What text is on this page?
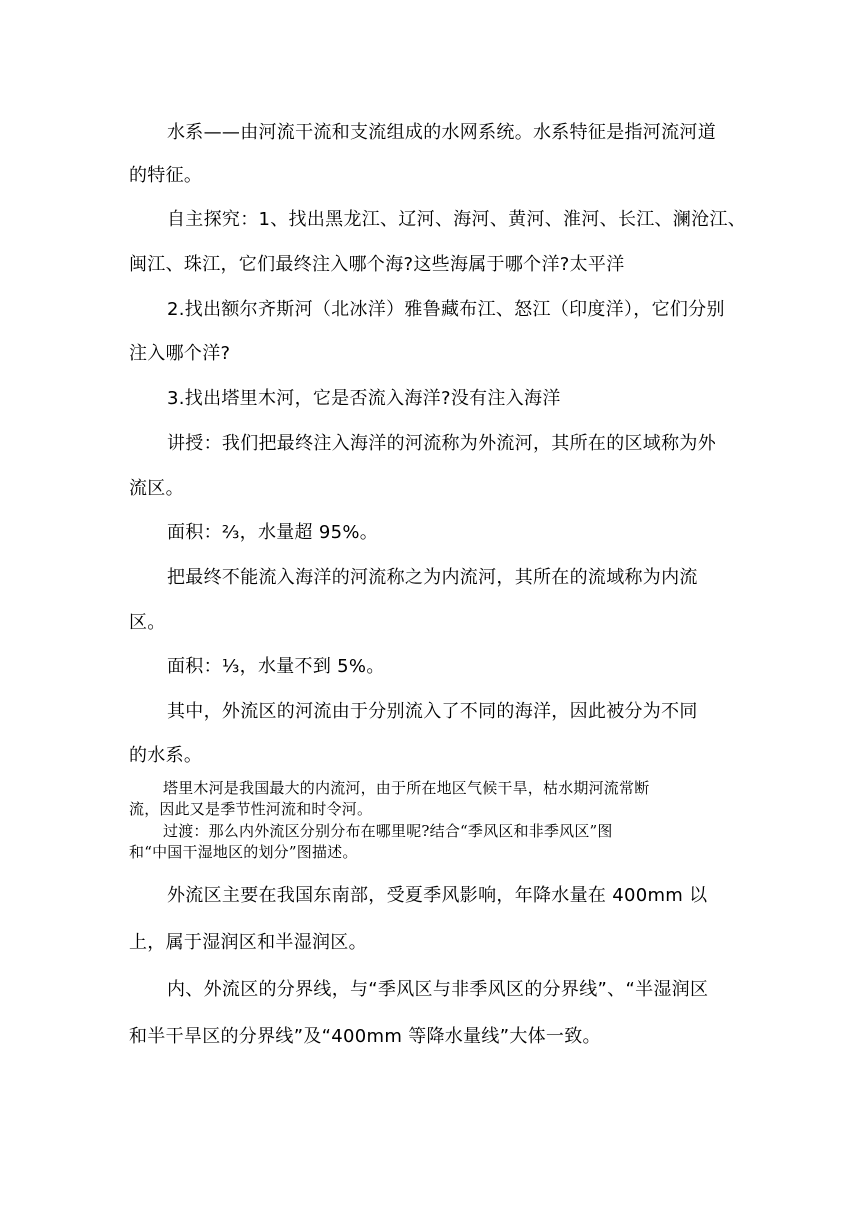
水系——由河流干流和支流组成的水网系统。水系特征是指河流河道
的特征。
自主探究：1、找出黑龙江、辽河、海河、黄河、淮河、长江、澜沧江、
闽江、珠江，它们最终注入哪个海?这些海属于哪个洋?太平洋
2.找出额尔齐斯河（北冰洋）雅鲁藏布江、怒江（印度洋），它们分别
注入哪个洋?
3.找出塔里木河，它是否流入海洋?没有注入海洋
讲授：我们把最终注入海洋的河流称为外流河，其所在的区域称为外
流区。
面积：⅔，水量超 95%。
把最终不能流入海洋的河流称之为内流河，其所在的流域称为内流
区。
面积：⅓，水量不到 5%。
其中，外流区的河流由于分别流入了不同的海洋，因此被分为不同
的水系。
塔里木河是我国最大的内流河，由于所在地区气候干旱，枯水期河流常断
流，因此又是季节性河流和时令河。
过渡：那么内外流区分别分布在哪里呢?结合“季风区和非季风区”图
和“中国干湿地区的划分”图描述。
外流区主要在我国东南部，受夏季风影响，年降水量在 400mm 以
上，属于湿润区和半湿润区。
内、外流区的分界线，与“季风区与非季风区的分界线”、“半湿润区
和半干旱区的分界线”及“400mm 等降水量线”大体一致。
